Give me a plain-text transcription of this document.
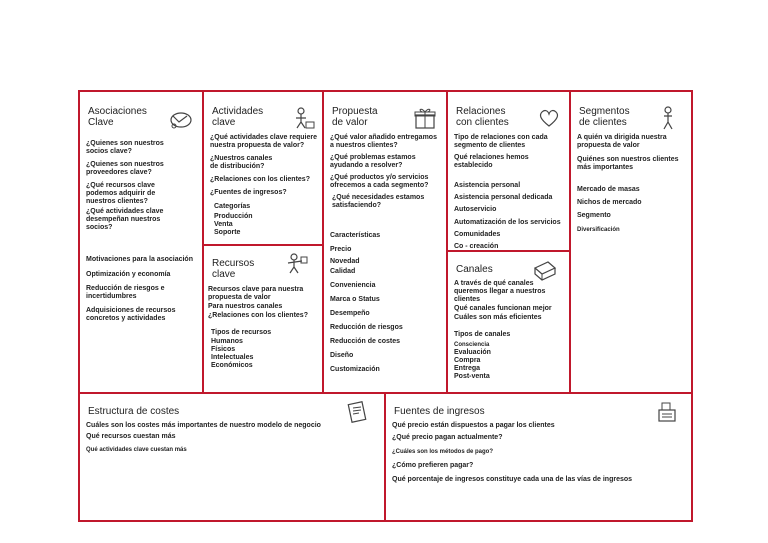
Asociaciones
Clave
¿Quienes son nuestros
socios clave?
¿Quienes son nuestros
proveedores clave?
¿Qué recursos clave
podemos adquirir de
nuestros clientes?
¿Qué actividades clave
desempeñan nuestros
socios?
Motivaciones para la asociación
Optimización y economía
Reducción de riesgos e
incertidumbres
Adquisiciones de recursos
concretos y actividades
Actividades
clave
¿Qué actividades clave requiere
nuestra propuesta de valor?
¿Nuestros canales
de distribución?
¿Relaciones con los clientes?
¿Fuentes de ingresos?
Categorías
Producción
Venta
Soporte
Recursos
clave
Recursos clave para nuestra
propuesta de valor
Para nuestros canales
¿Relaciones con los clientes?
Tipos de recursos
Humanos
Físicos
Intelectuales
Económicos
Propuesta
de valor
¿Qué valor añadido entregamos
a nuestros clientes?
¿Qué problemas estamos
ayudando a resolver?
¿Qué productos y/o servicios
ofrecemos a cada segmento?
¿Qué necesidades estamos
satisfaciendo?
Características
Precio
Novedad
Calidad
Conveniencia
Marca o Status
Desempeño
Reducción de riesgos
Reducción de costes
Diseño
Customización
Relaciones
con clientes
Tipo de relaciones con cada
segmento de clientes
Qué relaciones hemos
establecido
Asistencia personal
Asistencia personal dedicada
Autoservicio
Automatización de los servicios
Comunidades
Co - creación
Canales
A través de qué canales
queremos llegar a nuestros
clientes
Qué canales funcionan mejor
Cuáles son más eficientes
Tipos de canales
Consciencia
Evaluación
Compra
Entrega
Post-venta
Segmentos
de clientes
A quién va dirigida nuestra
propuesta de valor
Quiénes son nuestros clientes
más importantes
Mercado de masas
Nichos de mercado
Segmento
Diversificación
Estructura de costes
Cuáles son los costes más importantes de nuestro modelo de negocio
Qué recursos cuestan más
Qué actividades clave cuestan más
Fuentes de ingresos
Qué precio están dispuestos a pagar los clientes
¿Qué precio pagan actualmente?
¿Cuáles son los métodos de pago?
¿Cómo prefieren pagar?
Qué porcentaje de ingresos constituye cada una de las vías de ingresos
